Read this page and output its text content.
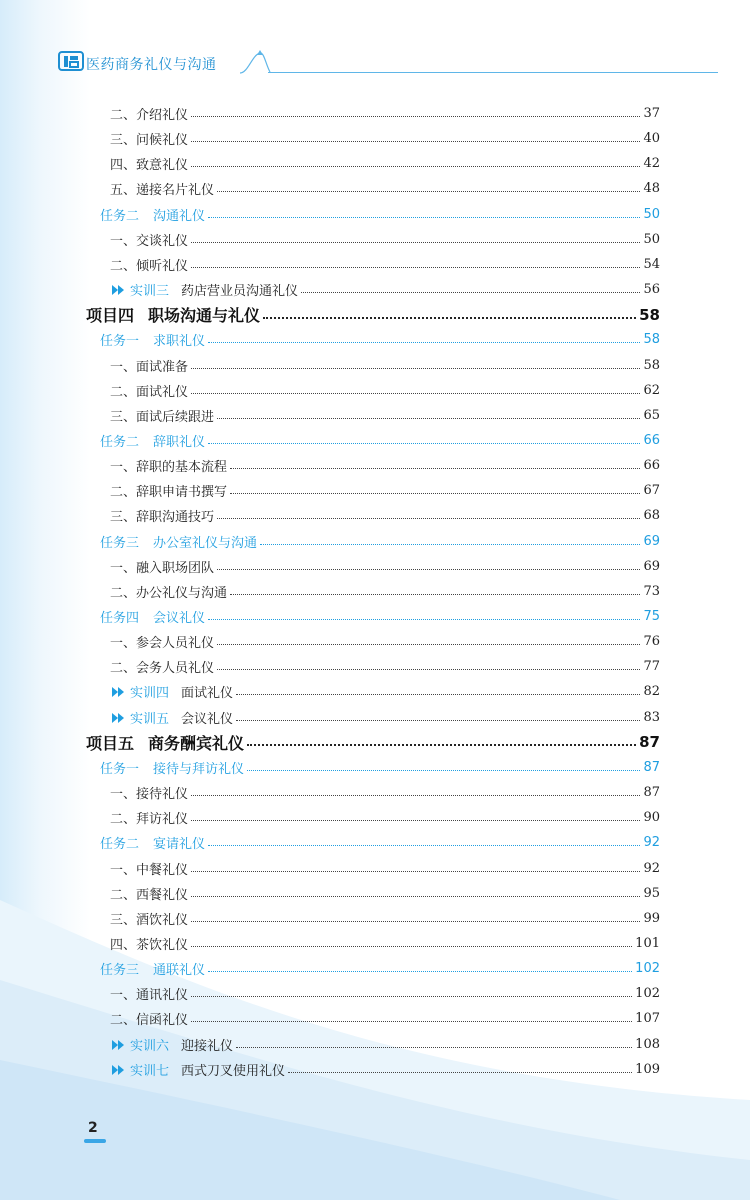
医药商务礼仪与沟通
二、介绍礼仪	37
三、问候礼仪	40
四、致意礼仪	42
五、递接名片礼仪	48
任务二 沟通礼仪	50
一、交谈礼仪	50
二、倾听礼仪	54
实训三 药店营业员沟通礼仪	56
项目四 职场沟通与礼仪	58
任务一 求职礼仪	58
一、面试准备	58
二、面试礼仪	62
三、面试后续跟进	65
任务二 辞职礼仪	66
一、辞职的基本流程	66
二、辞职申请书撰写	67
三、辞职沟通技巧	68
任务三 办公室礼仪与沟通	69
一、融入职场团队	69
二、办公礼仪与沟通	73
任务四 会议礼仪	75
一、参会人员礼仪	76
二、会务人员礼仪	77
实训四 面试礼仪	82
实训五 会议礼仪	83
项目五 商务酬宾礼仪	87
任务一 接待与拜访礼仪	87
一、接待礼仪	87
二、拜访礼仪	90
任务二 宴请礼仪	92
一、中餐礼仪	92
二、西餐礼仪	95
三、酒饮礼仪	99
四、茶饮礼仪	101
任务三 通联礼仪	102
一、通讯礼仪	102
二、信函礼仪	107
实训六 迎接礼仪	108
实训七 西式刀叉使用礼仪	109
2
